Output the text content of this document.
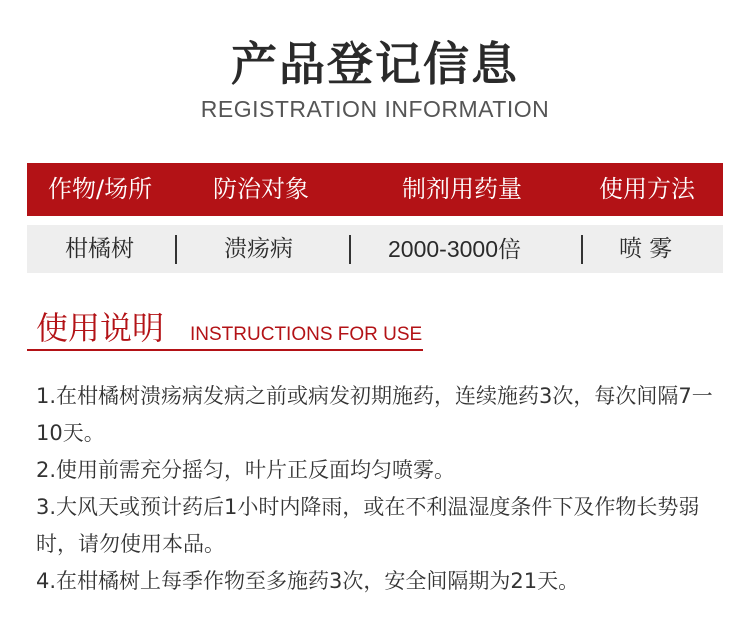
产品登记信息
REGISTRATION INFORMATION
作物/场所	防治对象	制剂用药量	使用方法
柑橘树	溃疡病	2000-3000倍	喷 雾
使用说明 INSTRUCTIONS FOR USE
1.在柑橘树溃疡病发病之前或病发初期施药，连续施药3次，每次间隔7一10天。
2.使用前需充分摇匀，叶片正反面均匀喷雾。
3.大风天或预计药后1小时内降雨，或在不利温湿度条件下及作物长势弱时，请勿使用本品。
4.在柑橘树上每季作物至多施药3次，安全间隔期为21天。
